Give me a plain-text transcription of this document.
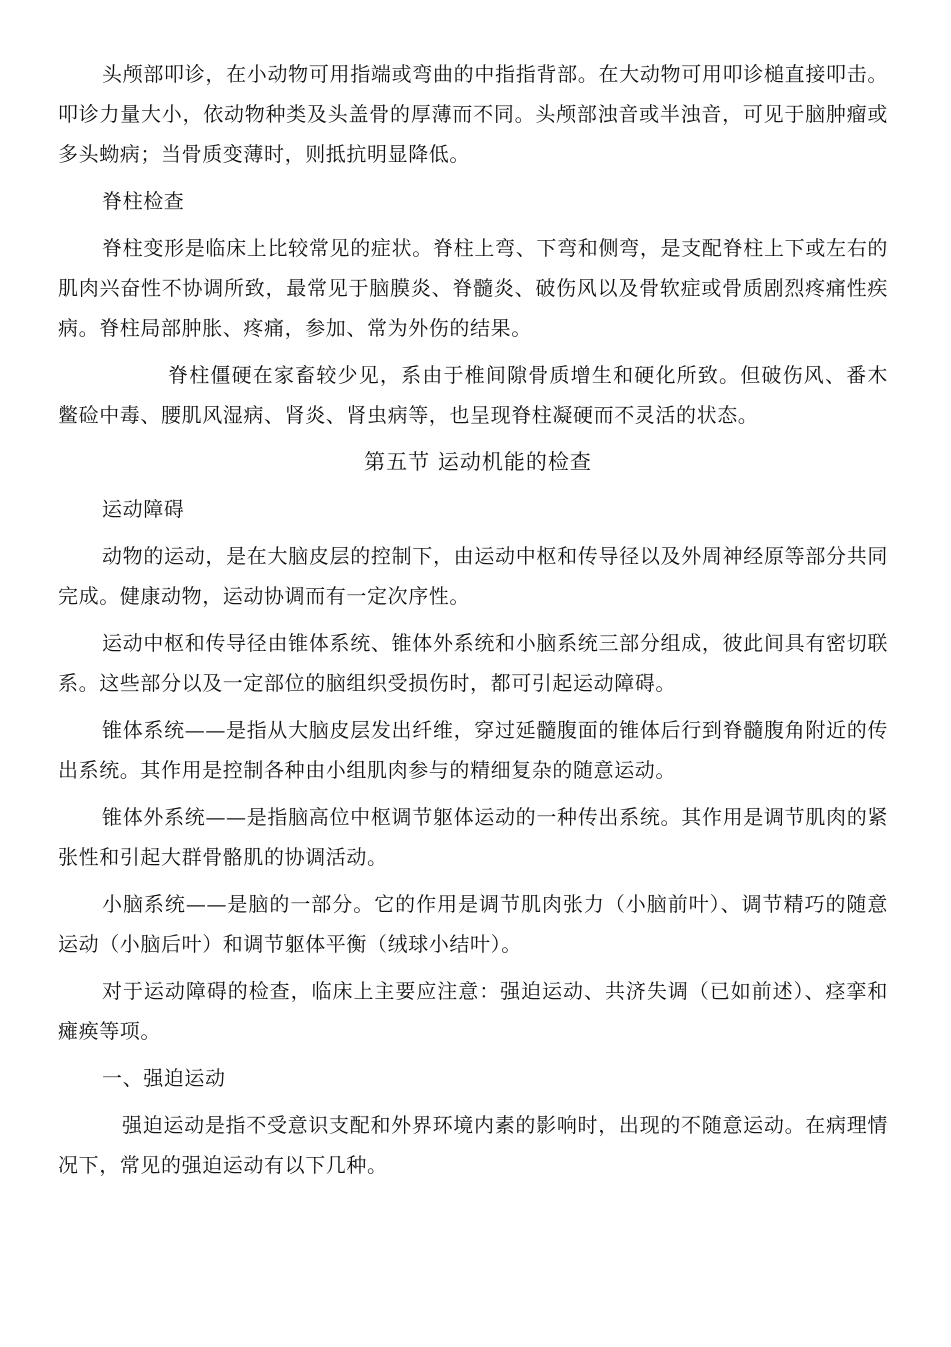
头颅部叩诊，在小动物可用指端或弯曲的中指指背部。在大动物可用叩诊槌直接叩击。叩诊力量大小，依动物种类及头盖骨的厚薄而不同。头颅部浊音或半浊音，可见于脑肿瘤或多头蚴病；当骨质变薄时，则抵抗明显降低。

脊柱检查

脊柱变形是临床上比较常见的症状。脊柱上弯、下弯和侧弯，是支配脊柱上下或左右的肌肉兴奋性不协调所致，最常见于脑膜炎、脊髓炎、破伤风以及骨软症或骨质剧烈疼痛性疾病。脊柱局部肿胀、疼痛，参加、常为外伤的结果。

脊柱僵硬在家畜较少见，系由于椎间隙骨质增生和硬化所致。但破伤风、番木鳖硷中毒、腰肌风湿病、肾炎、肾虫病等，也呈现脊柱凝硬而不灵活的状态。

第五节 运动机能的检查

运动障碍

动物的运动，是在大脑皮层的控制下，由运动中枢和传导径以及外周神经原等部分共同完成。健康动物，运动协调而有一定次序性。

运动中枢和传导径由锥体系统、锥体外系统和小脑系统三部分组成，彼此间具有密切联系。这些部分以及一定部位的脑组织受损伤时，都可引起运动障碍。

锥体系统——是指从大脑皮层发出纤维，穿过延髓腹面的锥体后行到脊髓腹角附近的传出系统。其作用是控制各种由小组肌肉参与的精细复杂的随意运动。

锥体外系统——是指脑高位中枢调节躯体运动的一种传出系统。其作用是调节肌肉的紧张性和引起大群骨骼肌的协调活动。

小脑系统——是脑的一部分。它的作用是调节肌肉张力（小脑前叶）、调节精巧的随意运动（小脑后叶）和调节躯体平衡（绒球小结叶）。

对于运动障碍的检查，临床上主要应注意：强迫运动、共济失调（已如前述）、痉挛和瘫痪等项。

一、强迫运动

强迫运动是指不受意识支配和外界环境内素的影响时，出现的不随意运动。在病理情况下，常见的强迫运动有以下几种。
